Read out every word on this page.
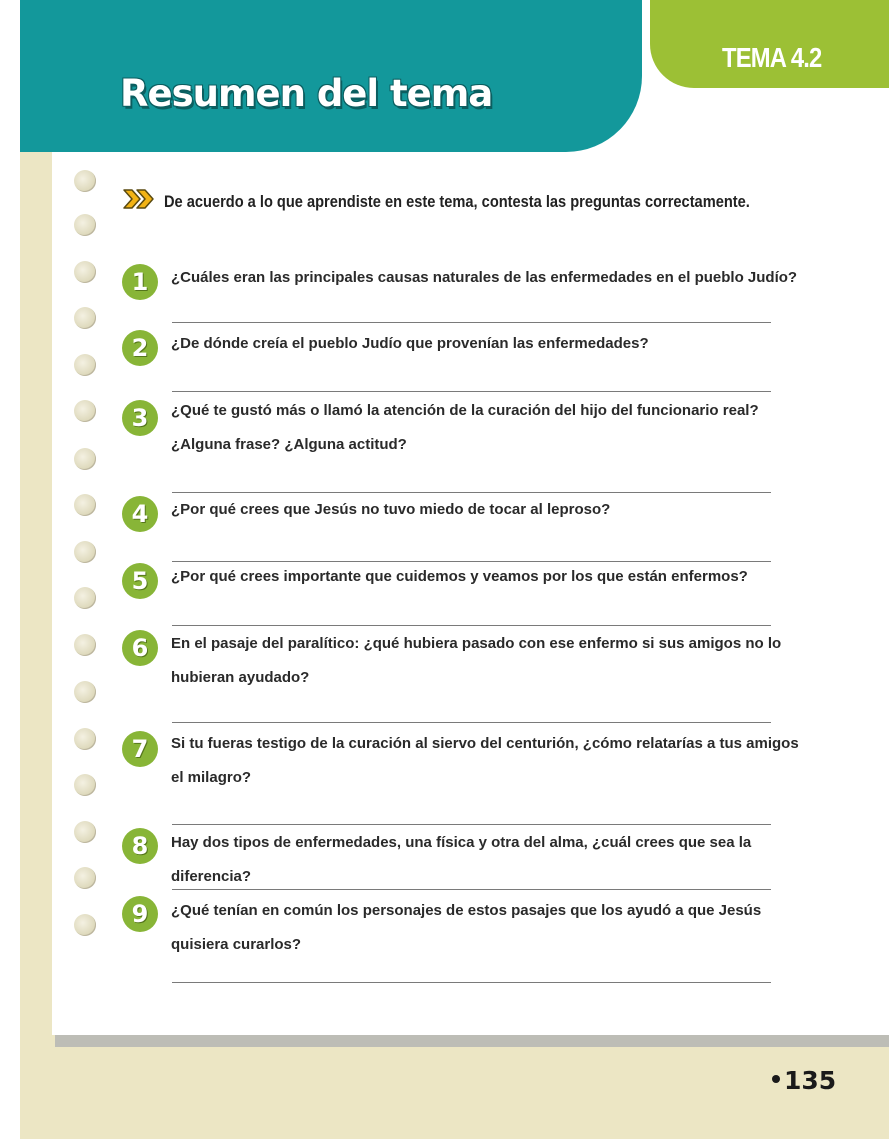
Resumen del tema
TEMA 4.2
De acuerdo a lo que aprendiste en este tema, contesta las preguntas correctamente.
1	¿Cuáles eran las principales causas naturales de las enfermedades en el pueblo Judío?
2	¿De dónde creía el pueblo Judío que provenían las enfermedades?
3	¿Qué te gustó más o llamó la atención de la curación del hijo del funcionario real? ¿Alguna frase? ¿Alguna actitud?
4	¿Por qué crees que Jesús no tuvo miedo de tocar al leproso?
5	¿Por qué crees importante que cuidemos y veamos por los que están enfermos?
6	En el pasaje del paralítico: ¿qué hubiera pasado con ese enfermo si sus amigos no lo hubieran ayudado?
7	Si tu fueras testigo de la curación al siervo del centurión, ¿cómo relatarías a tus amigos el milagro?
8	Hay dos tipos de enfermedades, una física y otra del alma, ¿cuál crees que sea la diferencia?
9	¿Qué tenían en común los personajes de estos pasajes que los ayudó a que Jesús quisiera curarlos?
135
